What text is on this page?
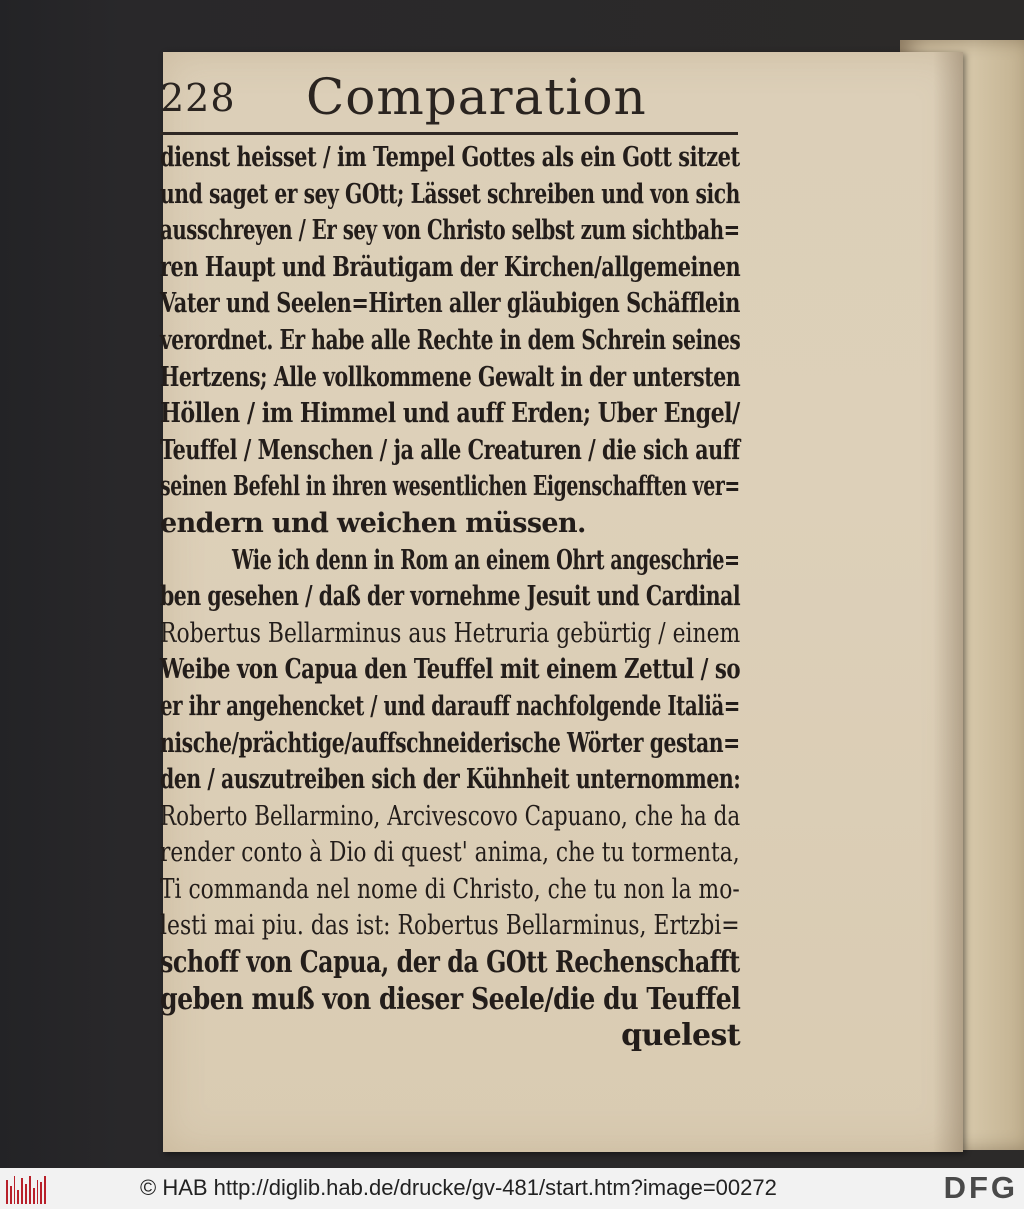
228 Comparation
dienst heisset / im Tempel Gottes als ein Gott sitzet
und saget er sey GOtt; Lässet schreiben und von sich
ausschreyen / Er sey von Christo selbst zum sichtbah=
ren Haupt und Bräutigam der Kirchen/allgemeinen
Vater und Seelen=Hirten aller gläubigen Schäfflein
verordnet. Er habe alle Rechte in dem Schrein seines
Hertzens; Alle vollkommene Gewalt in der untersten
Höllen / im Himmel und auff Erden; Uber Engel/
Teuffel / Menschen / ja alle Creaturen / die sich auff
seinen Befehl in ihren wesentlichen Eigenschafften ver=
endern und weichen müssen.
Wie ich denn in Rom an einem Ohrt angeschrie=
ben gesehen / daß der vornehme Jesuit und Cardinal
Robertus Bellarminus aus Hetruria gebürtig / einem
Weibe von Capua den Teuffel mit einem Zettul / so
er ihr angehencket / und darauff nachfolgende Italiä=
nische/prächtige/auffschneiderische Wörter gestan=
den / auszutreiben sich der Kühnheit unternommen:
Roberto Bellarmino, Arcivescovo Capuano, che ha da
render conto à Dio di quest' anima, che tu tormenta,
Ti commanda nel nome di Christo, che tu non la mo-
lesti mai piu. das ist: Robertus Bellarminus, Ertzbi=
schoff von Capua, der da GOtt Rechenschafft
geben muß von dieser Seele/die du Teuffel
quelest
© HAB http://diglib.hab.de/drucke/gv-481/start.htm?image=00272	DFG
